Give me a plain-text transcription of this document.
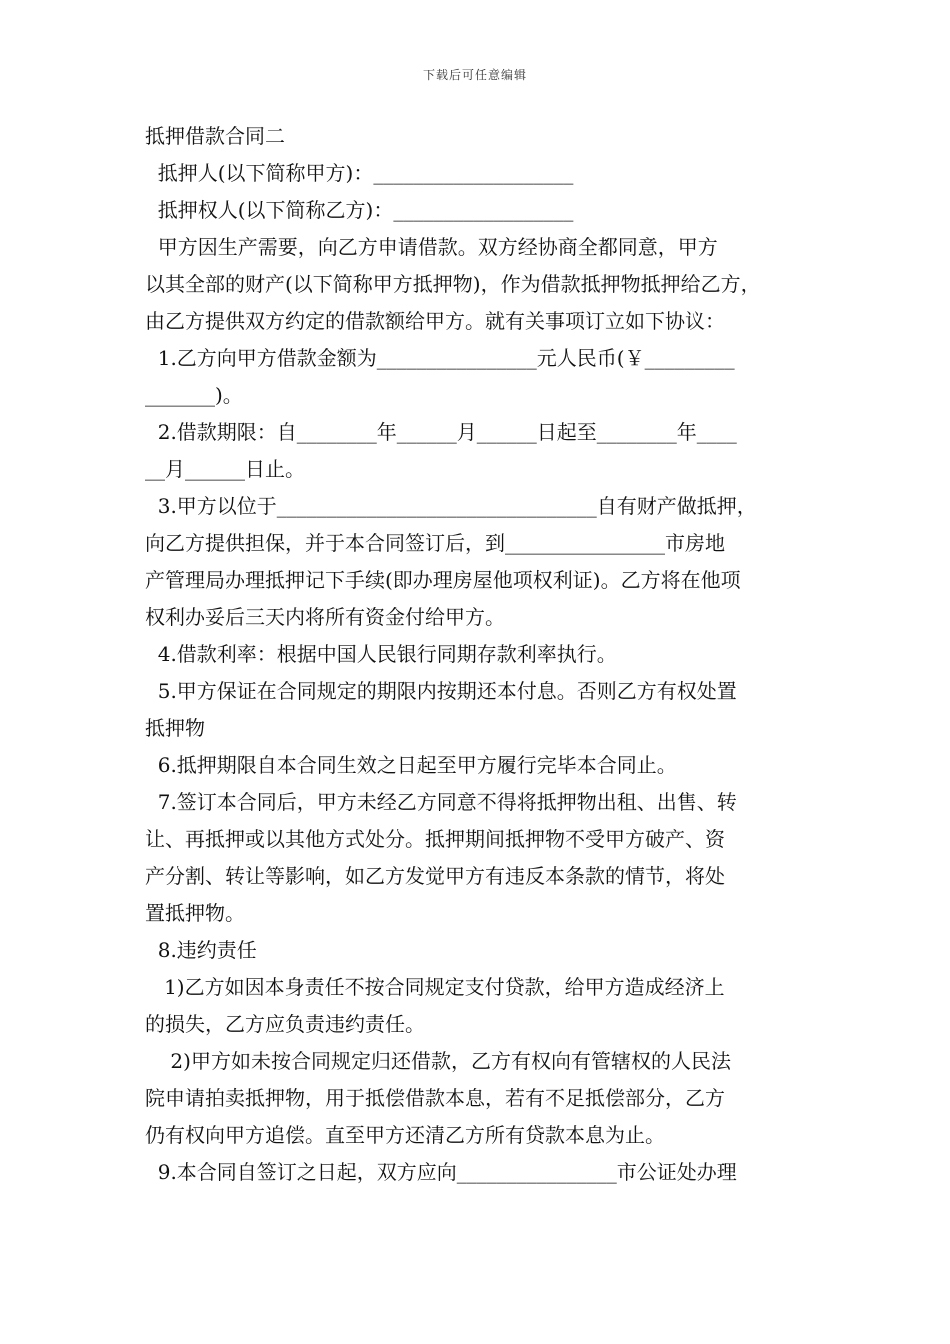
下载后可任意编辑
抵押借款合同二
抵押人(以下简称甲方)：____________________
抵押权人(以下简称乙方)：__________________
甲方因生产需要，向乙方申请借款。双方经协商全都同意，甲方
以其全部的财产(以下简称甲方抵押物)，作为借款抵押物抵押给乙方，
由乙方提供双方约定的借款额给甲方。就有关事项订立如下协议：
1.乙方向甲方借款金额为________________元人民币(￥_________
_______)。
2.借款期限：自________年______月______日起至________年____
__月______日止。
3.甲方以位于________________________________自有财产做抵押，
向乙方提供担保，并于本合同签订后，到________________市房地
产管理局办理抵押记下手续(即办理房屋他项权利证)。乙方将在他项
权利办妥后三天内将所有资金付给甲方。
4.借款利率：根据中国人民银行同期存款利率执行。
5.甲方保证在合同规定的期限内按期还本付息。否则乙方有权处置
抵押物
6.抵押期限自本合同生效之日起至甲方履行完毕本合同止。
7.签订本合同后，甲方未经乙方同意不得将抵押物出租、出售、转
让、再抵押或以其他方式处分。抵押期间抵押物不受甲方破产、资
产分割、转让等影响，如乙方发觉甲方有违反本条款的情节，将处
置抵押物。
8.违约责任
1)乙方如因本身责任不按合同规定支付贷款，给甲方造成经济上
的损失，乙方应负责违约责任。
2)甲方如未按合同规定归还借款，乙方有权向有管辖权的人民法
院申请拍卖抵押物，用于抵偿借款本息，若有不足抵偿部分，乙方
仍有权向甲方追偿。直至甲方还清乙方所有贷款本息为止。
9.本合同自签订之日起，双方应向________________市公证处办理
